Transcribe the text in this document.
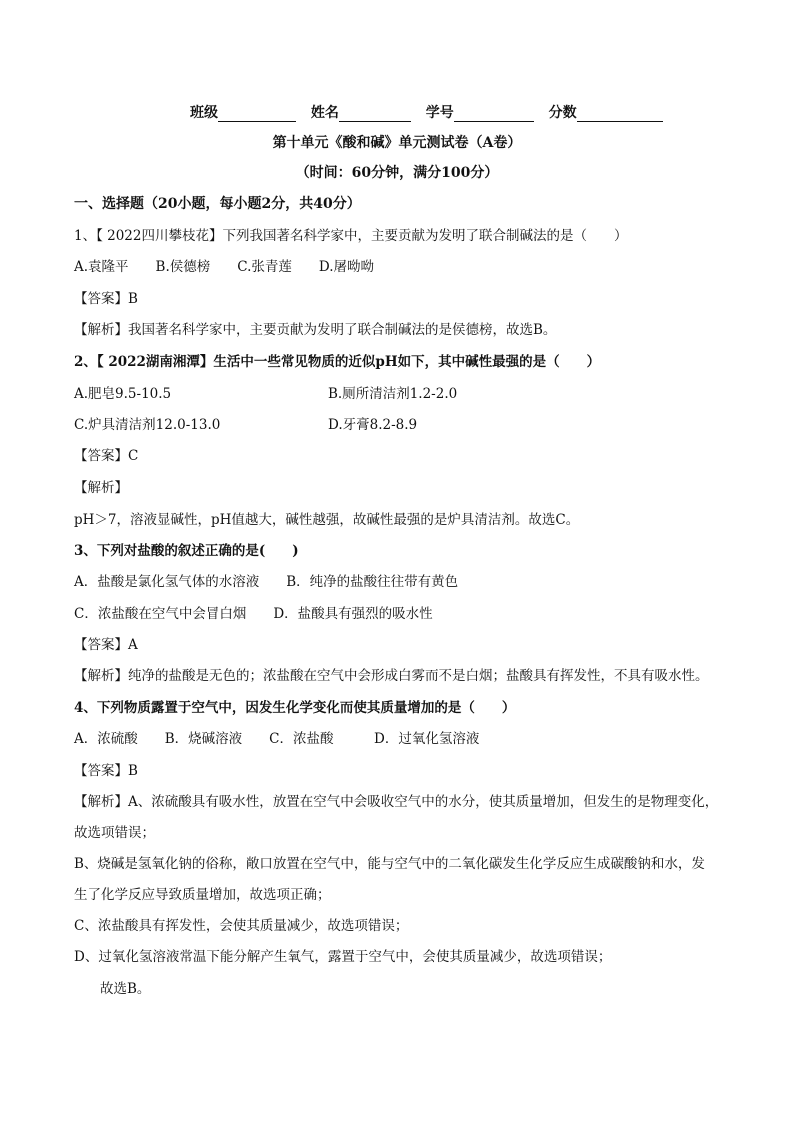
班级	姓名	学号	分数
第十单元《酸和碱》单元测试卷（A卷）
（时间：60分钟，满分100分）
一、选择题（20小题，每小题2分，共40分）
1、【 2022四川攀枝花】下列我国著名科学家中，主要贡献为发明了联合制碱法的是（　　）
A.袁隆平　　B.侯德榜　　C.张青莲　　D.屠呦呦
【答案】B
【解析】我国著名科学家中，主要贡献为发明了联合制碱法的是侯德榜，故选B。
2、【 2022湖南湘潭】生活中一些常见物质的近似pH如下，其中碱性最强的是（　　）
A.肥皂9.5-10.5	B.厕所清洁剂1.2-2.0
C.炉具清洁剂12.0-13.0	D.牙膏8.2-8.9
【答案】C
【解析】
pH＞7，溶液显碱性，pH值越大，碱性越强，故碱性最强的是炉具清洁剂。故选C。
3、下列对盐酸的叙述正确的是(　　)
A．盐酸是氯化氢气体的水溶液　　B．纯净的盐酸往往带有黄色
C．浓盐酸在空气中会冒白烟　　D．盐酸具有强烈的吸水性
【答案】A
【解析】纯净的盐酸是无色的；浓盐酸在空气中会形成白雾而不是白烟；盐酸具有挥发性，不具有吸水性。
4、下列物质露置于空气中，因发生化学变化而使其质量增加的是（　　）
A．浓硫酸　　B．烧碱溶液　　C．浓盐酸　　　D．过氧化氢溶液
【答案】B
【解析】A、浓硫酸具有吸水性，放置在空气中会吸收空气中的水分，使其质量增加，但发生的是物理变化，
故选项错误；
B、烧碱是氢氧化钠的俗称，敞口放置在空气中，能与空气中的二氧化碳发生化学反应生成碳酸钠和水，发
生了化学反应导致质量增加，故选项正确；
C、浓盐酸具有挥发性，会使其质量减少，故选项错误；
D、过氧化氢溶液常温下能分解产生氧气，露置于空气中，会使其质量减少，故选项错误；
故选B。
